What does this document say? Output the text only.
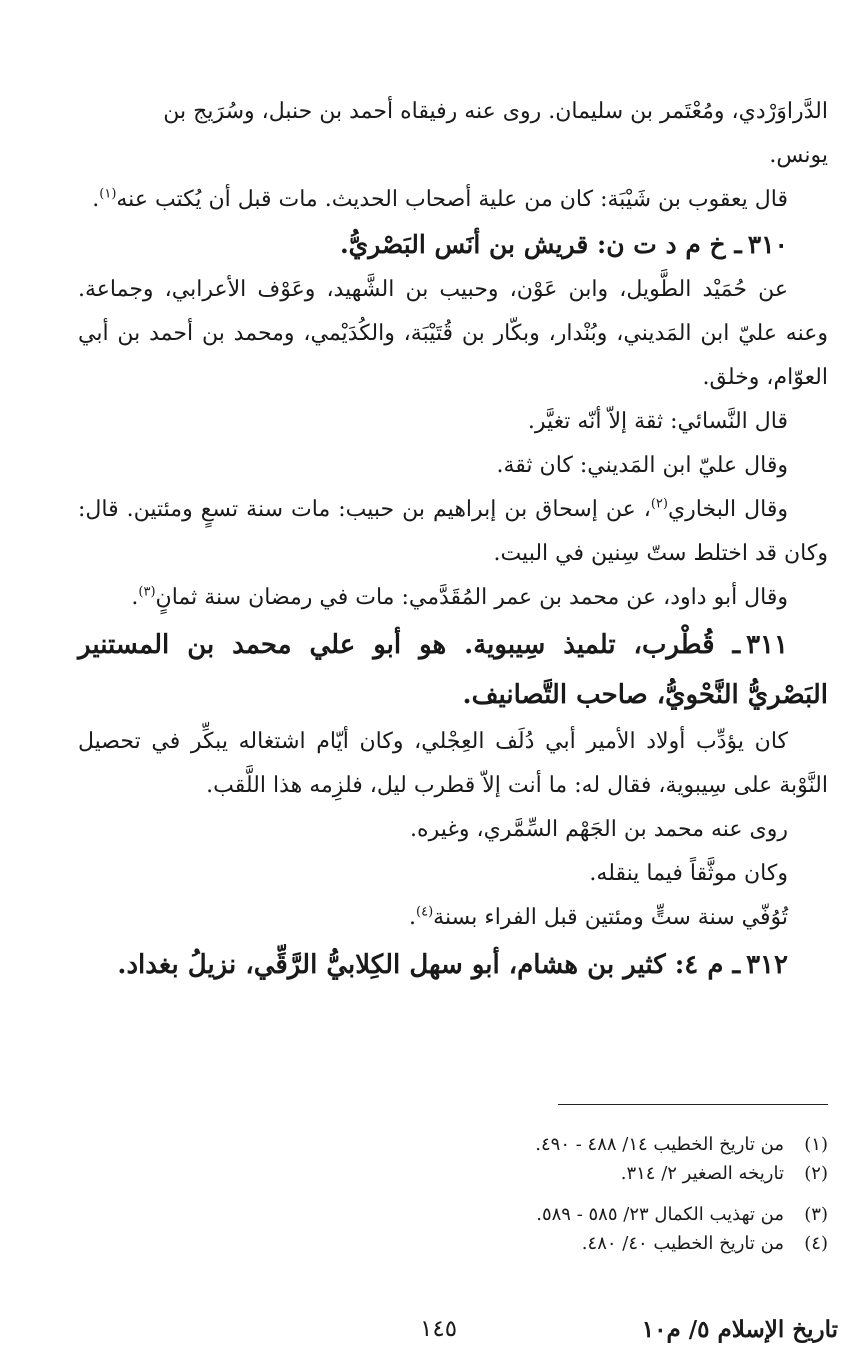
الدَّراوَرْدي، ومُعْتَمر بن سليمان. روى عنه رفيقاه أحمد بن حنبل، وسُرَيج بن
يونس.

قال يعقوب بن شَيْبَة: كان من علية أصحاب الحديث. مات قبل أن يُكتب عنه$^{(١)}$.

٣١٠ـ خ م د ت ن: قريش بن أنَس البَصْريُّ.

عن حُمَيْد الطَّويل، وابن عَوْن، وحبيب بن الشَّهيد، وعَوْف الأعرابي، وجماعة. وعنه عليّ ابن المَديني، وبُنْدار، وبكّار بن قُتَيْبَة، والكُدَيْمي، ومحمد بن أحمد بن أبي العوّام، وخلق.

قال النَّسائي: ثقة إلاّ أنّه تغيَّر.

وقال عليّ ابن المَديني: كان ثقة.

وقال البخاري$^{(٢)}$، عن إسحاق بن إبراهيم بن حبيب: مات سنة تسعٍ ومئتين. قال: وكان قد اختلط ستّ سِنين في البيت.

وقال أبو داود، عن محمد بن عمر المُقَدَّمي: مات في رمضان سنة ثمانٍ$^{(٣)}$.

٣١١ـ قُطْرب، تلميذ سِيبوية. هو أبو علي محمد بن المستنير البَصْريُّ النَّحْويُّ، صاحب التَّصانيف.

كان يؤدِّب أولاد الأمير أبي دُلَف العِجْلي، وكان أيّام اشتغاله يبكِّر في تحصيل النَّوْبة على سِيبوية، فقال له: ما أنت إلاّ قطرب ليل، فلزِمه هذا اللَّقب.

روى عنه محمد بن الجَهْم السِّمَّري، وغيره.

وكان موثَّقاً فيما ينقله.

تُوُفّي سنة ستٍّ ومئتين قبل الفراء بسنة$^{(٤)}$.

٣١٢ـ م ٤: كثير بن هشام، أبو سهل الكِلابيُّ الرَّقِّي، نزيلُ بغداد.

(١)
من تاريخ الخطيب ١٤/ ٤٨٨ - ٤٩٠.
(٢)
تاريخه الصغير ٢/ ٣١٤.
(٣)
من تهذيب الكمال ٢٣/ ٥٨٥ - ٥٨٩.
(٤)
من تاريخ الخطيب ٤٠/ ٤٨٠.
تاريخ الإسلام ٥/ م١٠
١٤٥
